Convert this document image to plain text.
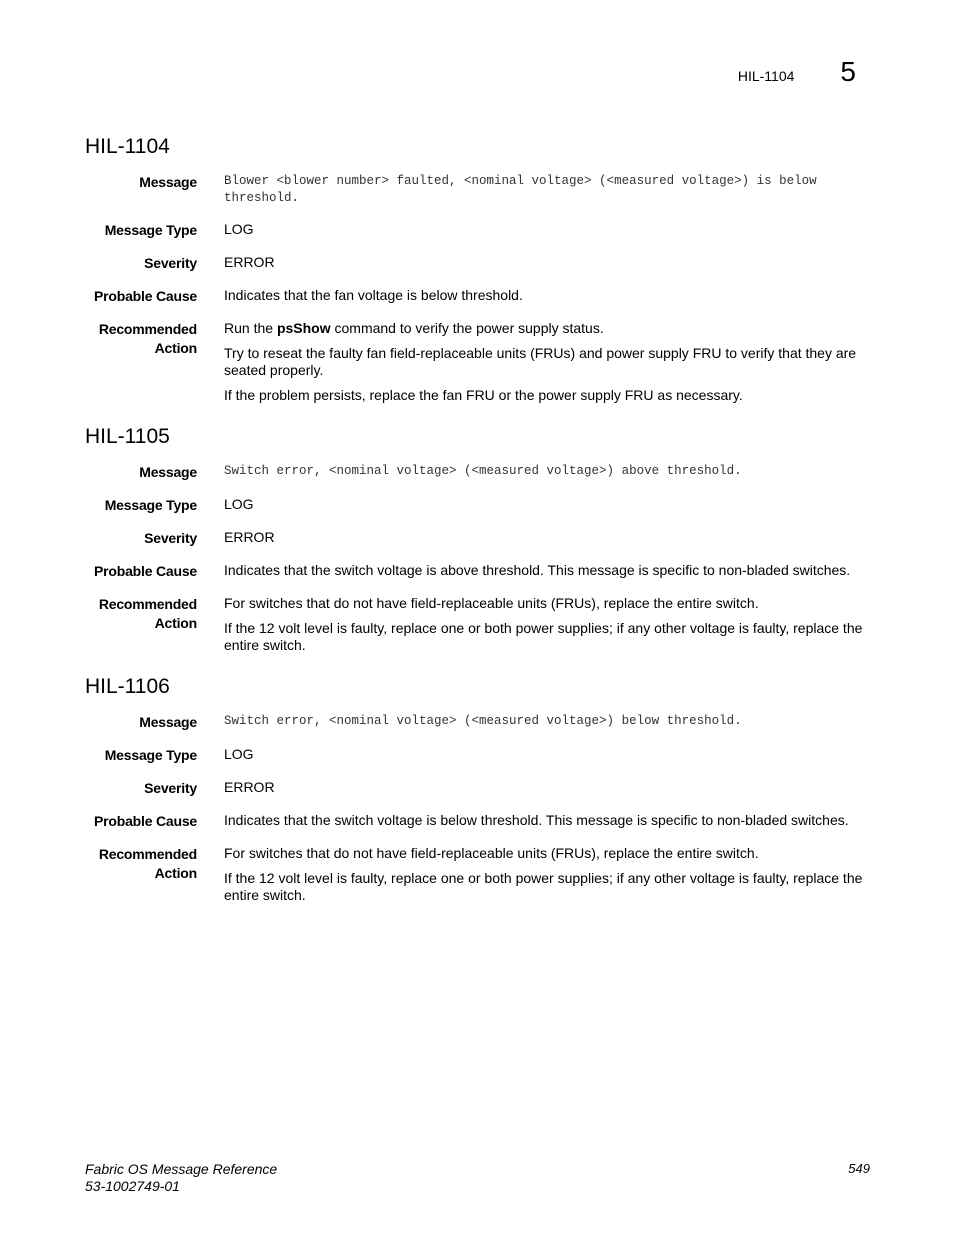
HIL-1104 5
HIL-1104
Message Blower <blower number> faulted, <nominal voltage> (<measured voltage>) is below threshold.
Message Type LOG
Severity ERROR
Probable Cause Indicates that the fan voltage is below threshold.
Recommended
Action

Run the psShow command to verify the power supply status.

Try to reseat the faulty fan field-replaceable units (FRUs) and power supply FRU to verify that they are seated properly.

If the problem persists, replace the fan FRU or the power supply FRU as necessary.

HIL-1105
Message Switch error, <nominal voltage> (<measured voltage>) above threshold.
Message Type LOG
Severity ERROR
Probable Cause Indicates that the switch voltage is above threshold. This message is specific to non-bladed switches.
Recommended
Action

For switches that do not have field-replaceable units (FRUs), replace the entire switch.

If the 12 volt level is faulty, replace one or both power supplies; if any other voltage is faulty, replace the entire switch.

HIL-1106
Message Switch error, <nominal voltage> (<measured voltage>) below threshold.
Message Type LOG
Severity ERROR
Probable Cause Indicates that the switch voltage is below threshold. This message is specific to non-bladed switches.
Recommended
Action

For switches that do not have field-replaceable units (FRUs), replace the entire switch.

If the 12 volt level is faulty, replace one or both power supplies; if any other voltage is faulty, replace the entire switch.

Fabric OS Message Reference
53-1002749-01
549
